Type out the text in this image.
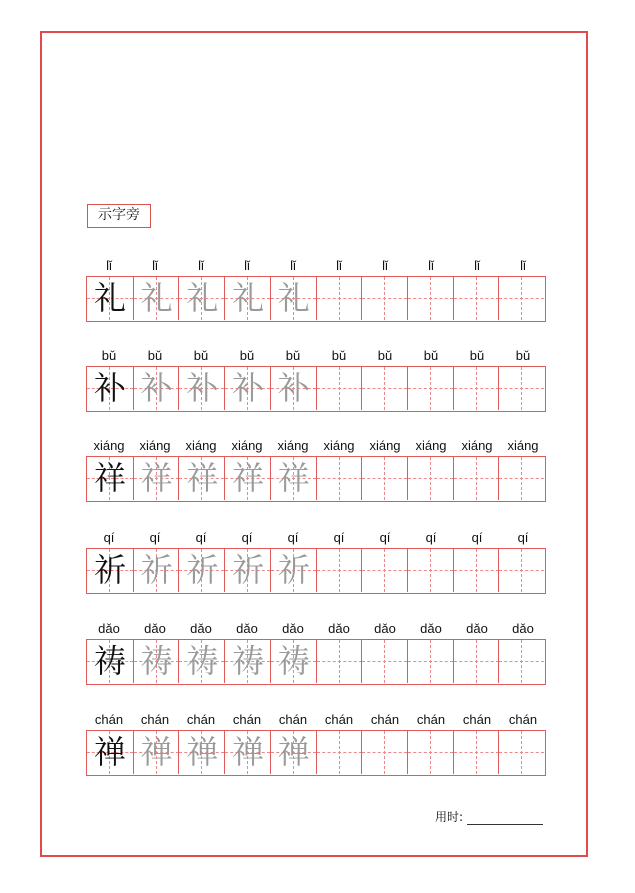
示字旁
lǐ	lǐ	lǐ	lǐ	lǐ	lǐ	lǐ	lǐ	lǐ	lǐ
礼 礼 礼 礼 礼
bǔ	bǔ	bǔ	bǔ	bǔ	bǔ	bǔ	bǔ	bǔ	bǔ
补 补 补 补 补
xiáng	xiáng	xiáng	xiáng	xiáng	xiáng	xiáng	xiáng	xiáng	xiáng
祥 祥 祥 祥 祥
qí	qí	qí	qí	qí	qí	qí	qí	qí	qí
祈 祈 祈 祈 祈
dǎo	dǎo	dǎo	dǎo	dǎo	dǎo	dǎo	dǎo	dǎo	dǎo
祷 祷 祷 祷 祷
chán	chán	chán	chán	chán	chán	chán	chán	chán	chán
禅 禅 禅 禅 禅
用时:
